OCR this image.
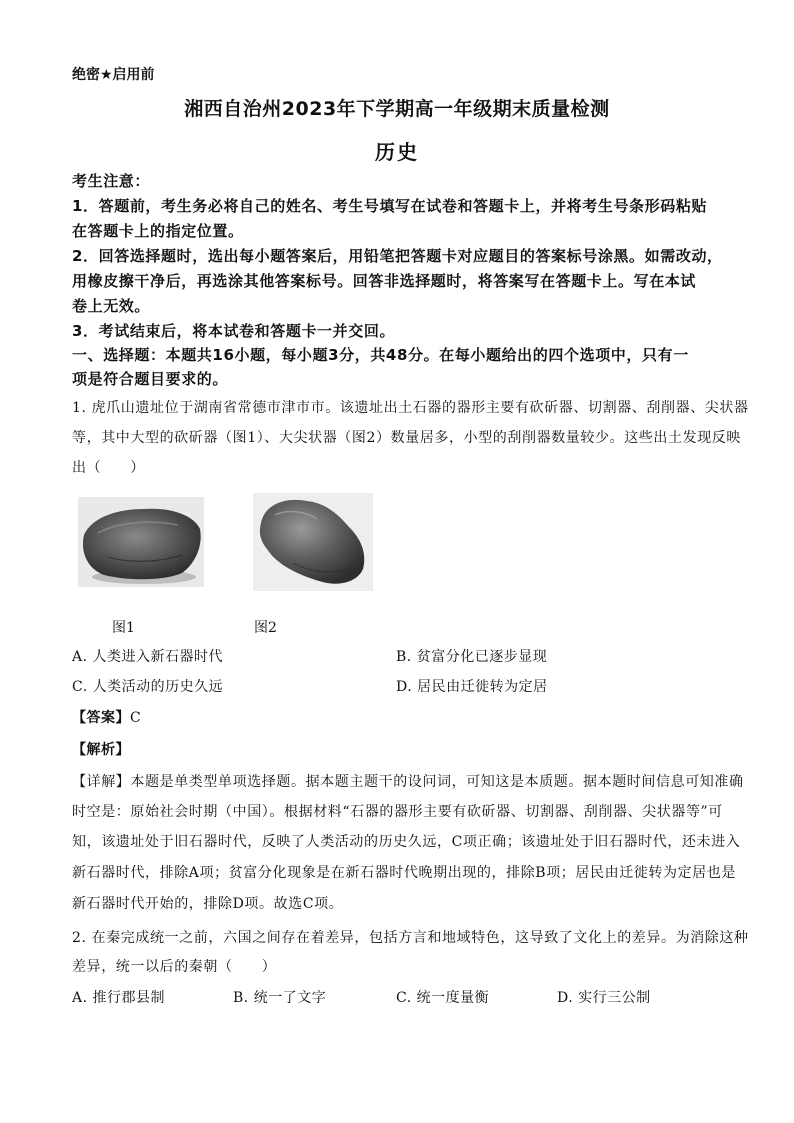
绝密★启用前
湘西自治州2023年下学期高一年级期末质量检测
历史
考生注意：
1．答题前，考生务必将自己的姓名、考生号填写在试卷和答题卡上，并将考生号条形码粘贴
在答题卡上的指定位置。
2．回答选择题时，选出每小题答案后，用铅笔把答题卡对应题目的答案标号涂黑。如需改动，
用橡皮擦干净后，再选涂其他答案标号。回答非选择题时，将答案写在答题卡上。写在本试
卷上无效。
3．考试结束后，将本试卷和答题卡一并交回。
一、选择题：本题共16小题，每小题3分，共48分。在每小题给出的四个选项中，只有一
项是符合题目要求的。
1. 虎爪山遗址位于湖南省常德市津市市。该遗址出土石器的器形主要有砍斫器、切割器、刮削器、尖状器
等，其中大型的砍斫器（图1）、大尖状器（图2）数量居多，小型的刮削器数量较少。这些出土发现反映
出（　　）
图1	图2
A. 人类进入新石器时代	B. 贫富分化已逐步显现
C. 人类活动的历史久远	D. 居民由迁徙转为定居
【答案】C
【解析】
【详解】本题是单类型单项选择题。据本题主题干的设问词，可知这是本质题。据本题时间信息可知准确
时空是：原始社会时期（中国）。根据材料“石器的器形主要有砍斫器、切割器、刮削器、尖状器等”可
知，该遗址处于旧石器时代，反映了人类活动的历史久远，C项正确；该遗址处于旧石器时代，还未进入
新石器时代，排除A项；贫富分化现象是在新石器时代晚期出现的，排除B项；居民由迁徙转为定居也是
新石器时代开始的，排除D项。故选C项。
2. 在秦完成统一之前，六国之间存在着差异，包括方言和地域特色，这导致了文化上的差异。为消除这种
差异，统一以后的秦朝（　　）
A. 推行郡县制	B. 统一了文字	C. 统一度量衡	D. 实行三公制
